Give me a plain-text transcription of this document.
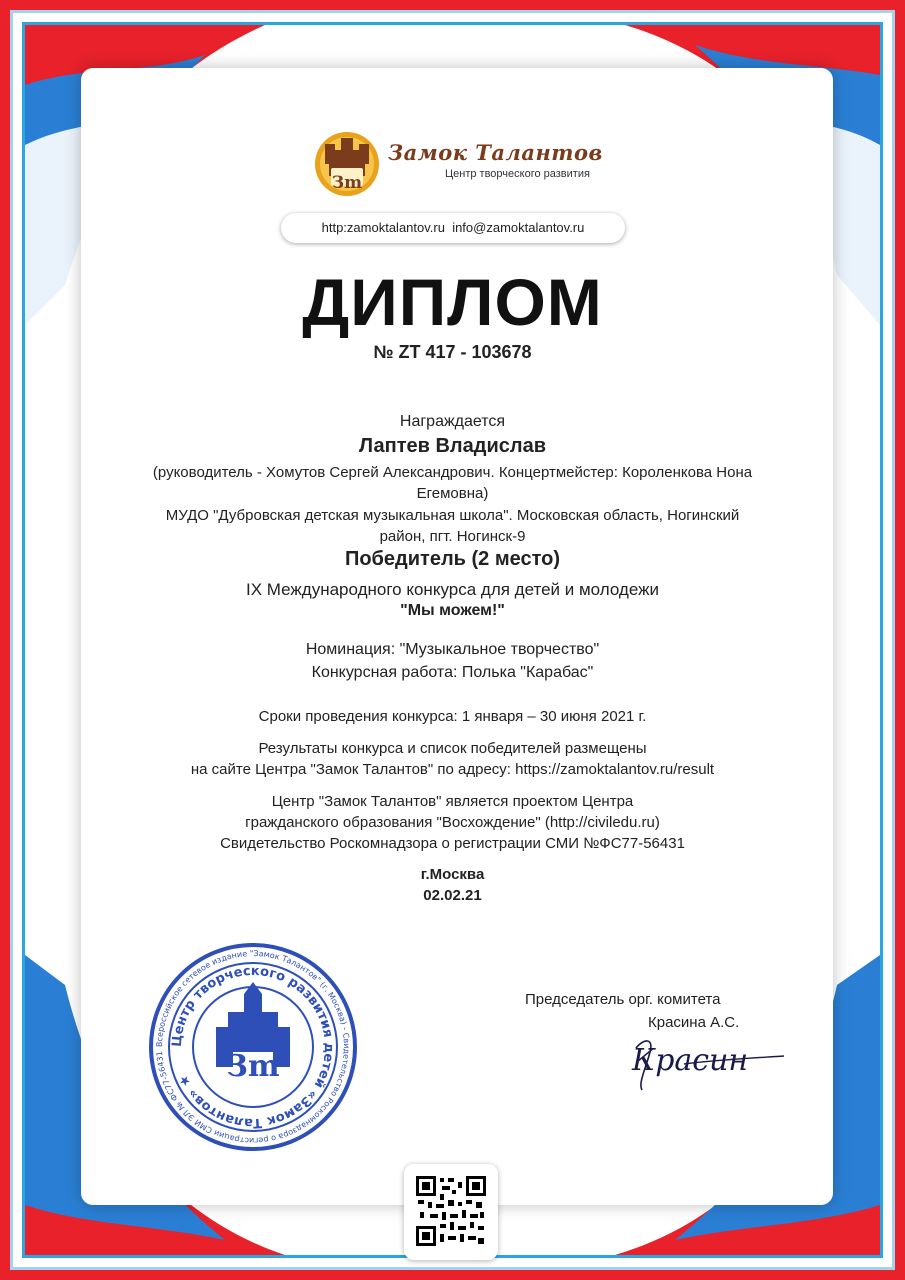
Зm
Замок Талантов
Центр творческого развития
http:zamoktalantov.ru info@zamoktalantov.ru
ДИПЛОМ
№ ZT 417 - 103678
Награждается
Лаптев Владислав
(руководитель - Хомутов Сергей Александрович. Концертмейстер: Короленкова Нона
Егемовна)
МУДО "Дубровская детская музыкальная школа". Московская область, Ногинский
район, пгт. Ногинск-9
Победитель (2 место)
IX Международного конкурса для детей и молодежи
"Мы можем!"
Номинация: "Музыкальное творчество"
Конкурсная работа: Полька "Карабас"
Сроки проведения конкурса: 1 января – 30 июня 2021 г.
Результаты конкурса и список победителей размещены
на сайте Центра "Замок Талантов" по адресу: https://zamoktalantov.ru/result
Центр "Замок Талантов" является проектом Центра
гражданского образования "Восхождение" (http://civiledu.ru)
Свидетельство Роскомнадзора о регистрации СМИ №ФС77-56431
г.Москва
02.02.21
Всероссийское сетевое издание "Замок Талантов" (г. Москва) - Свидетельство Роскомнадзора о регистрации СМИ ЭЛ № ФС77-56431
Центр творческого развития детей «Замок Талантов» ★	Зm
Председатель орг. комитета
Красина А.С.
Красин
